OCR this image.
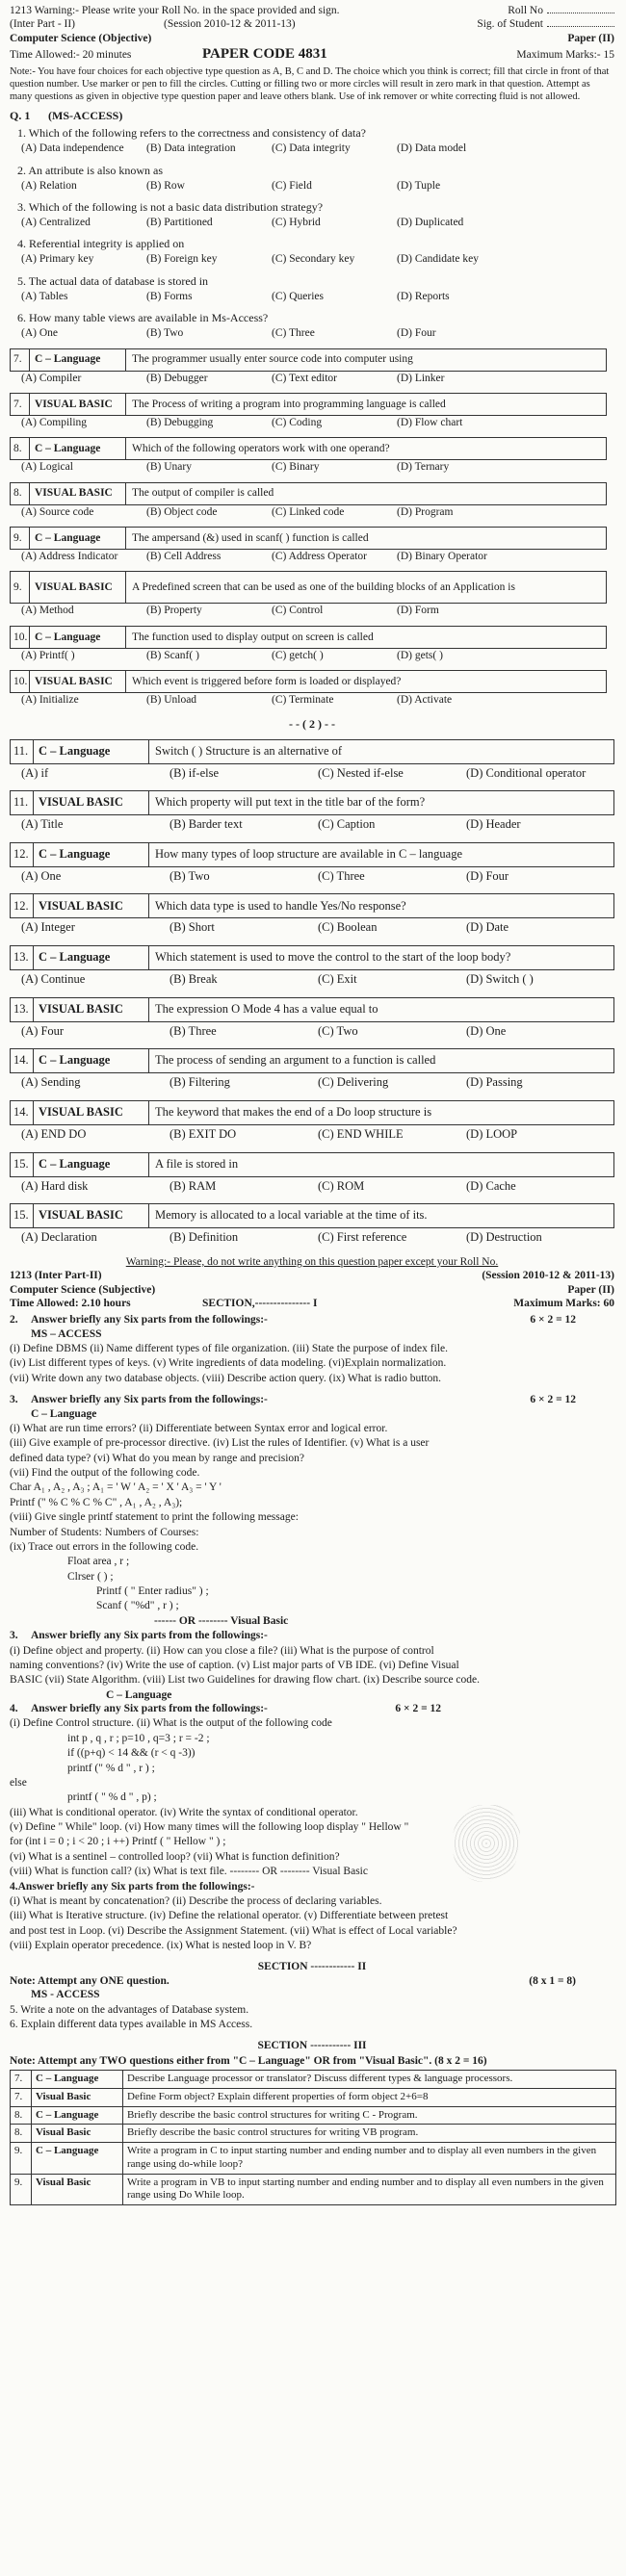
1213 Warning:- Please write your Roll No. in the space provided and sign.	Roll No
(Inter Part - II)	(Session 2010-12 & 2011-13)	Sig. of Student
Computer Science (Objective)	Paper (II)
Time Allowed:- 20 minutes	PAPER CODE 4831	Maximum Marks:- 15
Note:- You have four choices for each objective type question as A, B, C and D. The choice which you think is correct; fill that circle in front of that question number. Use marker or pen to fill the circles. Cutting or filling two or more circles will result in zero mark in that question. Attempt as many questions as given in objective type question paper and leave others blank. Use of ink remover or white correcting fluid is not allowed.
Q. 1	(MS-ACCESS)
1. Which of the following refers to the correctness and consistency of data?
(A) Data independence	(B) Data integration	(C) Data integrity	(D) Data model
2. An attribute is also known as
(A) Relation	(B) Row	(C) Field	(D) Tuple
3. Which of the following is not a basic data distribution strategy?
(A) Centralized	(B) Partitioned	(C) Hybrid	(D) Duplicated
4. Referential integrity is applied on
(A) Primary key	(B) Foreign key	(C) Secondary key	(D) Candidate key
5. The actual data of database is stored in
(A) Tables	(B) Forms	(C) Queries	(D) Reports
6. How many table views are available in Ms-Access?
(A) One	(B) Two	(C) Three	(D) Four
7.	C – Language	The programmer usually enter source code into computer using
(A) Compiler	(B) Debugger	(C) Text editor	(D) Linker
7.	VISUAL BASIC	The Process of writing a program into programming language is called
(A) Compiling	(B) Debugging	(C) Coding	(D) Flow chart
8.	C – Language	Which of the following operators work with one operand?
(A) Logical	(B) Unary	(C) Binary	(D) Ternary
8.	VISUAL BASIC	The output of compiler is called
(A) Source code	(B) Object code	(C) Linked code	(D) Program
9.	C – Language	The ampersand (&) used in scanf( ) function is called
(A) Address Indicator	(B) Cell Address	(C) Address Operator	(D) Binary Operator
9.	VISUAL BASIC	A Predefined screen that can be used as one of the building blocks of an Application is
(A) Method	(B) Property	(C) Control	(D) Form
10. C – Language	The function used to display output on screen is called
(A) Printf( )	(B) Scanf( )	(C) getch( )	(D) gets( )
10. VISUAL BASIC	Which event is triggered before form is loaded or displayed?
(A) Initialize	(B) Unload	(C) Terminate	(D) Activate
- - ( 2 ) - -
11. C – Language	Switch ( ) Structure is an alternative of
(A) if	(B) if-else	(C) Nested if-else	(D) Conditional operator
11. VISUAL BASIC	Which property will put text in the title bar of the form?
(A) Title	(B) Barder text	(C) Caption	(D) Header
12. C – Language	How many types of loop structure are available in C – language
(A) One	(B) Two	(C) Three	(D) Four
12. VISUAL BASIC	Which data type is used to handle Yes/No response?
(A) Integer	(B) Short	(C) Boolean	(D) Date
13. C – Language	Which statement is used to move the control to the start of the loop body?
(A) Continue	(B) Break	(C) Exit	(D) Switch ( )
13. VISUAL BASIC	The expression O Mode 4 has a value equal to
(A) Four	(B) Three	(C) Two	(D) One
14. C – Language	The process of sending an argument to a function is called
(A) Sending	(B) Filtering	(C) Delivering	(D) Passing
14. VISUAL BASIC	The keyword that makes the end of a Do loop structure is
(A) END DO	(B) EXIT DO	(C) END WHILE	(D) LOOP
15. C – Language	A file is stored in
(A) Hard disk	(B) RAM	(C) ROM	(D) Cache
15. VISUAL BASIC	Memory is allocated to a local variable at the time of its.
(A) Declaration	(B) Definition	(C) First reference	(D) Destruction
Warning:- Please, do not write anything on this question paper except your Roll No.
1213 (Inter Part-II)	(Session 2010-12 & 2011-13)
Computer Science (Subjective)	Paper (II)
Time Allowed: 2.10 hours	SECTION,--------------- I	Maximum Marks: 60
2.	Answer briefly any Six parts from the followings:-	6 × 2 = 12
MS – ACCESS
(i) Define DBMS (ii) Name different types of file organization. (iii) State the purpose of index file.
(iv) List different types of keys. (v) Write ingredients of data modeling. (vi)Explain normalization.
(vii) Write down any two database objects. (viii) Describe action query. (ix) What is radio button.
3.	Answer briefly any Six parts from the followings:-	6 × 2 = 12
C – Language
(i) What are run time errors? (ii) Differentiate between Syntax error and logical error.
(iii) Give example of pre-processor directive. (iv) List the rules of Identifier. (v) What is a user
defined data type? (vi) What do you mean by range and precision?
(vii) Find the output of the following code.
Char A₁ , A₂ , A₃ ; A₁ = ' W ' A₂ = ' X ' A₃ = ' Y '
Printf (" % C % C % C" , A₁ , A₂ , A₃);
(viii) Give single printf statement to print the following message:
Number of Students: Numbers of Courses:
(ix) Trace out errors in the following code.
Float area , r ;
Clrser ( ) ;
Printf ( " Enter radius" ) ;
Scanf ( "%d" , r ) ;
------ OR -------- Visual Basic
3.	Answer briefly any Six parts from the followings:-
(i) Define object and property. (ii) How can you close a file? (iii) What is the purpose of control
naming conventions? (iv) Write the use of caption. (v) List major parts of VB IDE. (vi) Define Visual
BASIC (vii) State Algorithm. (viii) List two Guidelines for drawing flow chart. (ix) Describe source code.
C – Language
4.	Answer briefly any Six parts from the followings:-	6 × 2 = 12
(i) Define Control structure. (ii) What is the output of the following code
int p , q , r ; p=10 , q=3 ; r = -2 ;
if ((p+q) < 14 && (r < q -3))
printf (" % d " , r ) ;
else
printf ( " % d " , p) ;
(iii) What is conditional operator. (iv) Write the syntax of conditional operator.
(v) Define " While" loop. (vi) How many times will the following loop display " Hellow "
for (int i = 0 ; i < 20 ; i ++) Printf ( " Hellow " ) ;
(vi) What is a sentinel – controlled loop? (vii) What is function definition?
(viii) What is function call? (ix) What is text file. -------- OR -------- Visual Basic
4.Answer briefly any Six parts from the followings:-
(i) What is meant by concatenation? (ii) Describe the process of declaring variables.
(iii) What is Iterative structure. (iv) Define the relational operator. (v) Differentiate between pretest
and post test in Loop. (vi) Describe the Assignment Statement. (vii) What is effect of Local variable?
(viii) Explain operator precedence. (ix) What is nested loop in V. B?
SECTION ------------ II
Note: Attempt any ONE question.	(8 x 1 = 8)
MS - ACCESS
5. Write a note on the advantages of Database system.
6. Explain different data types available in MS Access.
SECTION ----------- III
Note: Attempt any TWO questions either from "C – Language" OR from "Visual Basic". (8 x 2 = 16)
7.	C – Language	Describe Language processor or translator? Discuss different types & language processors.
7.	Visual Basic	Define Form object? Explain different properties of form object 2+6=8
8.	C – Language	Briefly describe the basic control structures for writing C - Program.
8.	Visual Basic	Briefly describe the basic control structures for writing VB program.
9.	C – Language	Write a program in C to input starting number and ending number and to display all even numbers in the given range using do-while loop?
9.	Visual Basic	Write a program in VB to input starting number and ending number and to display all even numbers in the given range using Do While loop.
